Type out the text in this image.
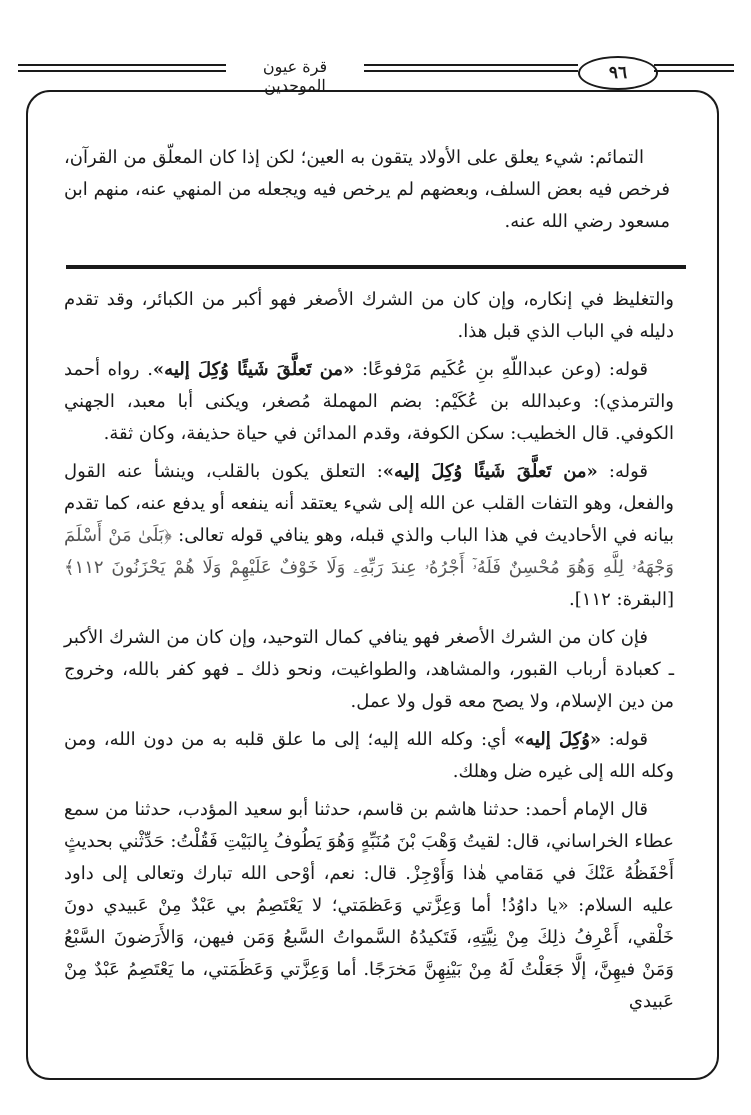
قرة عيون الموحدين
٩٦

التمائم: شيء يعلق على الأولاد يتقون به العين؛ لكن إذا كان المعلّق من القرآن، فرخص فيه بعض السلف، وبعضهم لم يرخص فيه ويجعله من المنهي عنه، منهم ابن مسعود رضي الله عنه.

والتغليظ في إنكاره، وإن كان من الشرك الأصغر فهو أكبر من الكبائر، وقد تقدم دليله في الباب الذي قبل هذا.

قوله: (وعن عبداللّهِ بنِ عُكَيم مَرْفوعًا: «من تَعلَّقَ شَيئًا وُكِلَ إليه». رواه أحمد والترمذي): وعبدالله بن عُكَيْم: بضم المهملة مُصغر، ويكنى أبا معبد، الجهني الكوفي. قال الخطيب: سكن الكوفة، وقدم المدائن في حياة حذيفة، وكان ثقة.

قوله: «من تَعلَّقَ شَيئًا وُكِلَ إليه»: التعلق يكون بالقلب، وينشأ عنه القول والفعل، وهو التفات القلب عن الله إلى شيء يعتقد أنه ينفعه أو يدفع عنه، كما تقدم بيانه في الأحاديث في هذا الباب والذي قبله، وهو ينافي قوله تعالى: ﴿بَلَىٰ مَنْ أَسْلَمَ وَجْهَهُۥ لِلَّهِ وَهُوَ مُحْسِنٌ فَلَهُۥٓ أَجْرُهُۥ عِندَ رَبِّهِۦ وَلَا خَوْفٌ عَلَيْهِمْ وَلَا هُمْ يَحْزَنُونَ ١١٢﴾ [البقرة: ١١٢].

فإن كان من الشرك الأصغر فهو ينافي كمال التوحيد، وإن كان من الشرك الأكبر ـ كعبادة أرباب القبور، والمشاهد، والطواغيت، ونحو ذلك ـ فهو كفر بالله، وخروج من دين الإسلام، ولا يصح معه قول ولا عمل.

قوله: «وُكِلَ إليه» أي: وكله الله إليه؛ إلى ما علق قلبه به من دون الله، ومن وكله الله إلى غيره ضل وهلك.

قال الإمام أحمد: حدثنا هاشم بن قاسم، حدثنا أبو سعيد المؤدب، حدثنا من سمع عطاء الخراساني، قال: لقيتُ وَهْبَ بْنَ مُنَبِّهٍ وَهُوَ يَطُوفُ بِالبَيْتِ فَقُلْتُ: حَدِّثْني بحديثٍ أَحْفَظُهُ عَنْكَ في مَقامي هٰذا وَأَوْجِزْ. قال: نعم، أوْحى الله تبارك وتعالى إلى داود عليه السلام: «يا داوُدُ! أما وَعِزَّتي وَعَظمَتي؛ لا يَعْتَصِمُ بي عَبْدٌ مِنْ عَبيدي دونَ خَلْقي، أَعْرِفُ ذلِكَ مِنْ نِيَّتِهِ، فَتَكيدُهُ السَّمواتُ السَّبعُ وَمَن فيهن، وَالأَرَضونَ السَّبْعُ وَمَنْ فيهِنَّ، إلَّا جَعَلْتُ لَهُ مِنْ بَيْنِهِنَّ مَخرَجًا. أما وَعِزَّتي وَعَظَمَتي، ما يَعْتَصِمُ عَبْدٌ مِنْ عَبيدي
